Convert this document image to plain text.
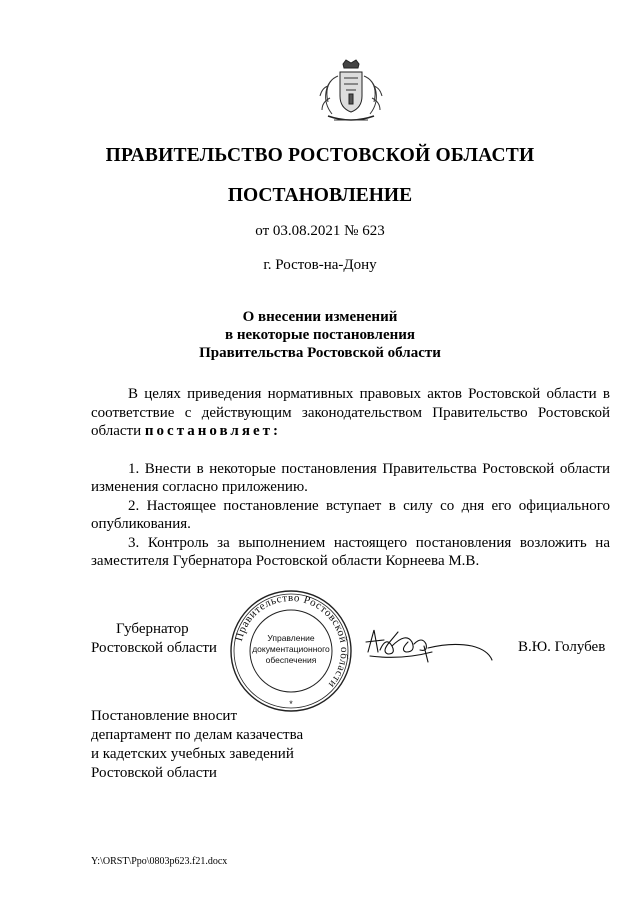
ПРАВИТЕЛЬСТВО РОСТОВСКОЙ ОБЛАСТИ
ПОСТАНОВЛЕНИЕ
от 03.08.2021 № 623
г. Ростов-на-Дону
О внесении изменений
в некоторые постановления
Правительства Ростовской области

В целях приведения нормативных правовых актов Ростовской области в соответствие с действующим законодательством Правительство Ростовской области постановляет:

1. Внести в некоторые постановления Правительства Ростовской области изменения согласно приложению.

2. Настоящее постановление вступает в силу со дня его официального опубликования.

3. Контроль за выполнением настоящего постановления возложить на заместителя Губернатора Ростовской области Корнеева М.В.

Губернатор
Ростовской области
Правительство Ростовской области
Управление
документационного
обеспечения
*
В.Ю. Голубев
Постановление вносит
департамент по делам казачества
и кадетских учебных заведений
Ростовской области
Y:\ORST\Ppo\0803p623.f21.docx
